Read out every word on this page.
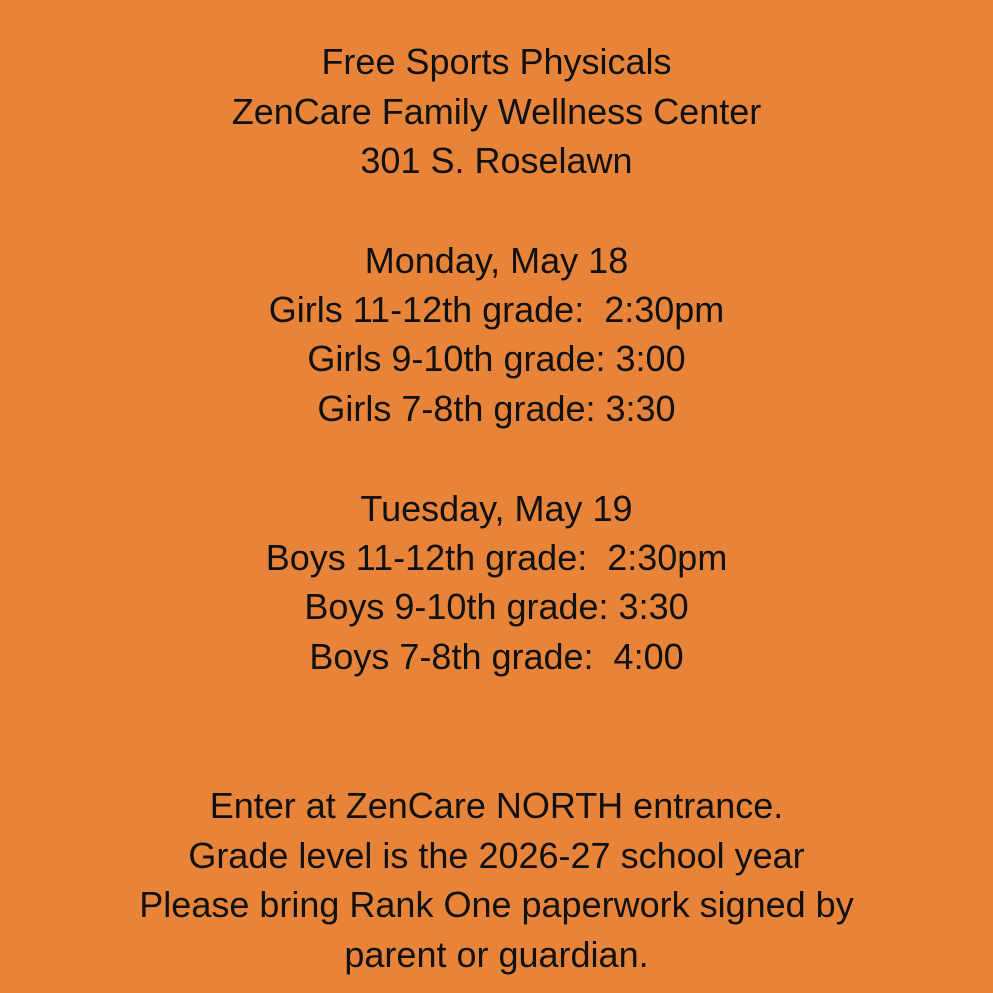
Free Sports Physicals
ZenCare Family Wellness Center
301 S. Roselawn
Monday, May 18
Girls 11-12th grade:  2:30pm
Girls 9-10th grade: 3:00
Girls 7-8th grade: 3:30
Tuesday, May 19
Boys 11-12th grade:  2:30pm
Boys 9-10th grade: 3:30
Boys 7-8th grade:  4:00
Enter at ZenCare NORTH entrance.
Grade level is the 2026-27 school year
Please bring Rank One paperwork signed by
parent or guardian.
